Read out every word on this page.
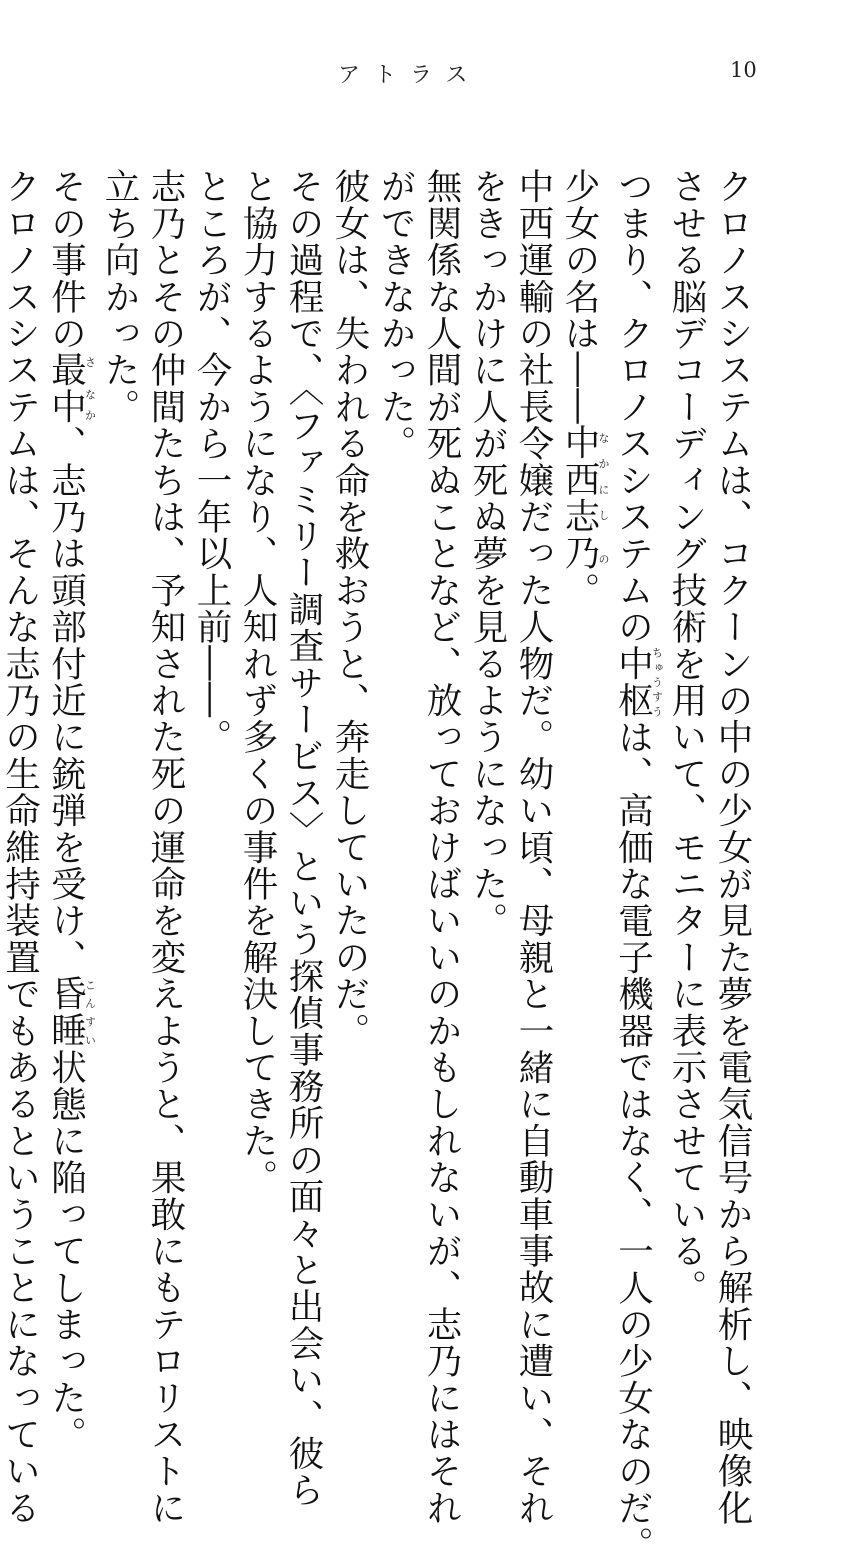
アトラス	10

クロノスシステムは、コクーンの中の少女が見た夢を電気信号から解析し、映像化
させる脳デコーディング技術を用いて、モニターに表示させている。

つまり、クロノスシステムの中枢ちゅうすうは、高価な電子機器ではなく、一人の少女なのだ。

少女の名は――中西志乃なかにし の。

中西運輸の社長令嬢だった人物だ。幼い頃、母親と一緒に自動車事故に遭い、それ
をきっかけに人が死ぬ夢を見るようになった。

無関係な人間が死ぬことなど、放っておけばいいのかもしれないが、志乃にはそれ
ができなかった。

彼女は、失われる命を救おうと、奔走していたのだ。

その過程で、〈ファミリー調査サービス〉という探偵事務所の面々と出会い、彼ら
と協力するようになり、人知れず多くの事件を解決してきた。

ところが、今から一年以上前――。

志乃とその仲間たちは、予知された死の運命を変えようと、果敢にもテロリストに
立ち向かった。

その事件の最中さ なか、志乃は頭部付近に銃弾を受け、昏睡こんすい状態に陥ってしまった。

クロノスシステムは、そんな志乃の生命維持装置でもあるということになっている
